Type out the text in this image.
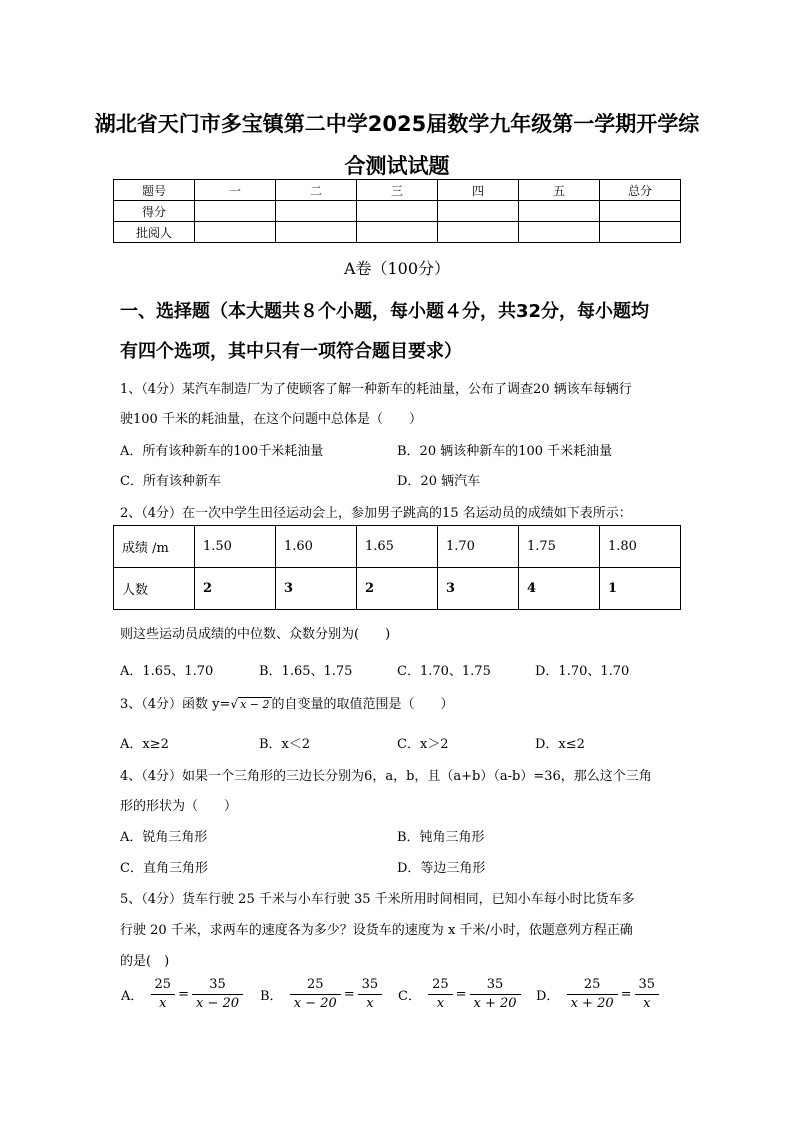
湖北省天门市多宝镇第二中学2025届数学九年级第一学期开学综
合测试试题
题号	一	二	三	四	五	总分
得分						
批阅人						
A卷（100分）
一、选择题（本大题共８个小题，每小题４分，共32分，每小题均
有四个选项，其中只有一项符合题目要求）
1、（4分）某汽车制造厂为了使顾客了解一种新车的耗油量，公布了调查20 辆该车每辆行
驶100 千米的耗油量，在这个问题中总体是（　　）
A．所有该种新车的100千米耗油量	B．20 辆该种新车的100 千米耗油量
C．所有该种新车	D．20 辆汽车
2、（4分）在一次中学生田径运动会上，参加男子跳高的15 名运动员的成绩如下表所示：
成绩 /m	1.50	1.60	1.65	1.70	1.75	1.80
人数	2	3	2	3	4	1
则这些运动员成绩的中位数、众数分别为(　　)
A．1.65、1.70	B．1.65、1.75	C．1.70、1.75	D．1.70、1.70
3、（4分）函数 y=√ x − 2 的自变量的取值范围是（　　）
A．x≥2	B．x＜2	C．x＞2	D．x≤2
4、（4分）如果一个三角形的三边长分别为6，a，b，且（a+b）（a-b）=36，那么这个三角
形的形状为（　　）
A．锐角三角形	B．钝角三角形
C．直角三角形	D．等边三角形
5、（4分）货车行驶 25 千米与小车行驶 35 千米所用时间相同，已知小车每小时比货车多
行驶 20 千米，求两车的速度各为多少？设货车的速度为 x 千米/小时，依题意列方程正确
的是(　)
A． $\frac{25}{x} = \frac{35}{x - 20}$ B． $\frac{25}{x - 20} = \frac{35}{x}$ C． $\frac{25}{x} = \frac{35}{x + 20}$ D． $\frac{25}{x + 20} = \frac{35}{x}$
